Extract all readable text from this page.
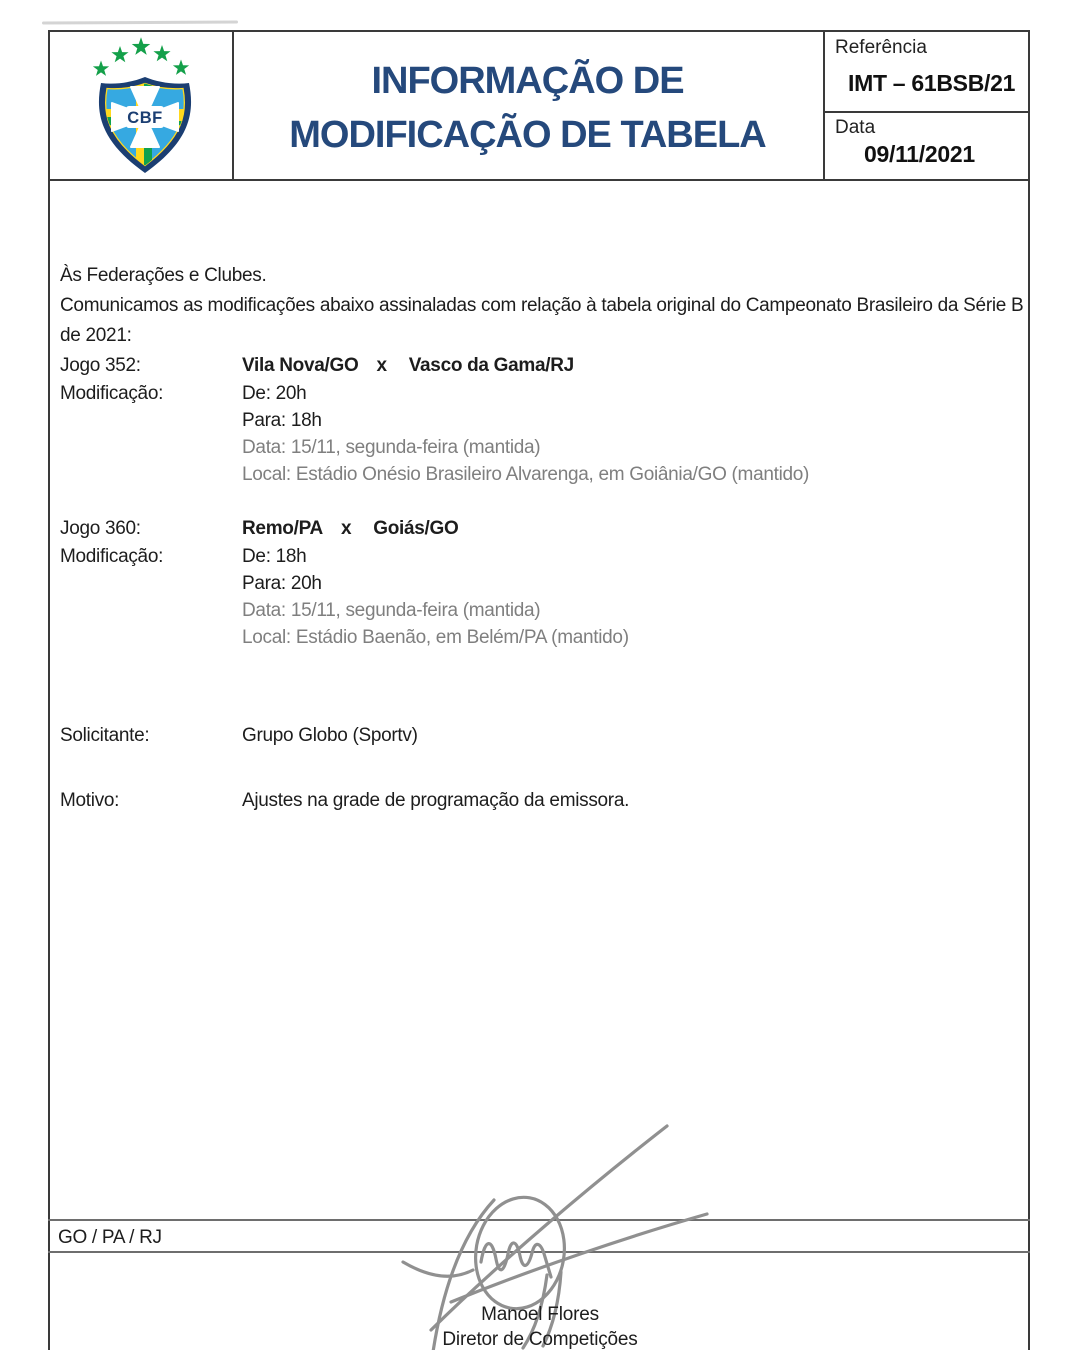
CBF
INFORMAÇÃO DE
MODIFICAÇÃO DE TABELA
Referência
IMT – 61BSB/21
Data
09/11/2021
Às Federações e Clubes.
Comunicamos as modificações abaixo assinaladas com relação à tabela original do Campeonato Brasileiro da Série B
de 2021:
Jogo 352:
Modificação:
Vila Nova/GO x Vasco da Gama/RJ
De: 20h
Para: 18h
Data: 15/11, segunda-feira (mantida)
Local: Estádio Onésio Brasileiro Alvarenga, em Goiânia/GO (mantido)
Jogo 360:
Modificação:
Remo/PA x Goiás/GO
De: 18h
Para: 20h
Data: 15/11, segunda-feira (mantida)
Local: Estádio Baenão, em Belém/PA (mantido)
Solicitante:	Grupo Globo (Sportv)
Motivo:	Ajustes na grade de programação da emissora.
GO / PA / RJ
Manoel Flores
Diretor de Competições
